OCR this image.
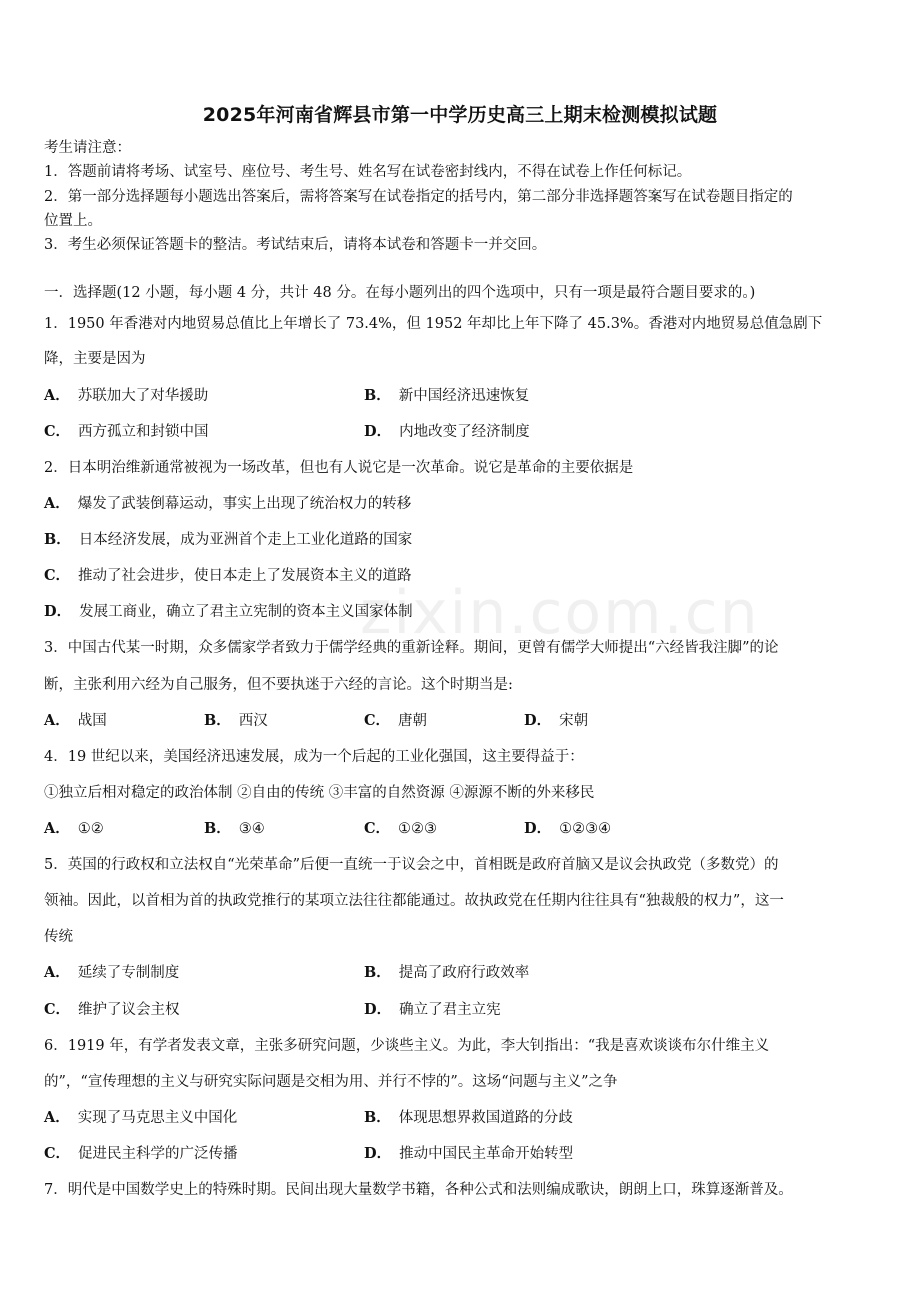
zixin.com.cn
2025年河南省辉县市第一中学历史高三上期末检测模拟试题
考生请注意：
1．答题前请将考场、试室号、座位号、考生号、姓名写在试卷密封线内，不得在试卷上作任何标记。
2．第一部分选择题每小题选出答案后，需将答案写在试卷指定的括号内，第二部分非选择题答案写在试卷题目指定的
位置上。
3．考生必须保证答题卡的整洁。考试结束后，请将本试卷和答题卡一并交回。
一．选择题(12 小题，每小题 4 分，共计 48 分。在每小题列出的四个选项中，只有一项是最符合题目要求的。)
1．1950 年香港对内地贸易总值比上年增长了 73.4%，但 1952 年却比上年下降了 45.3%。香港对内地贸易总值急剧下
降，主要是因为
A． 苏联加大了对华援助	B． 新中国经济迅速恢复
C． 西方孤立和封锁中国	D． 内地改变了经济制度
2．日本明治维新通常被视为一场改革，但也有人说它是一次革命。说它是革命的主要依据是
A． 爆发了武装倒幕运动，事实上出现了统治权力的转移
B． 日本经济发展，成为亚洲首个走上工业化道路的国家
C． 推动了社会进步，使日本走上了发展资本主义的道路
D． 发展工商业，确立了君主立宪制的资本主义国家体制
3．中国古代某一时期，众多儒家学者致力于儒学经典的重新诠释。期间，更曾有儒学大师提出“六经皆我注脚”的论
断，主张利用六经为自己服务，但不要执迷于六经的言论。这个时期当是:
A． 战国	B． 西汉	C． 唐朝	D． 宋朝
4．19 世纪以来，美国经济迅速发展，成为一个后起的工业化强国，这主要得益于：
①独立后相对稳定的政治体制 ②自由的传统 ③丰富的自然资源 ④源源不断的外来移民
A． ①②	B． ③④	C． ①②③	D． ①②③④
5．英国的行政权和立法权自“光荣革命”后便一直统一于议会之中，首相既是政府首脑又是议会执政党（多数党）的
领袖。因此，以首相为首的执政党推行的某项立法往往都能通过。故执政党在任期内往往具有“独裁般的权力”，这一
传统
A． 延续了专制制度	B． 提高了政府行政效率
C． 维护了议会主权	D． 确立了君主立宪
6．1919 年，有学者发表文章，主张多研究问题，少谈些主义。为此，李大钊指出：“我是喜欢谈谈布尔什维主义
的”，“宣传理想的主义与研究实际问题是交相为用、并行不悖的”。这场“问题与主义”之争
A． 实现了马克思主义中国化	B． 体现思想界救国道路的分歧
C． 促进民主科学的广泛传播	D． 推动中国民主革命开始转型
7．明代是中国数学史上的特殊时期。民间出现大量数学书籍，各种公式和法则编成歌诀，朗朗上口，珠算逐渐普及。
